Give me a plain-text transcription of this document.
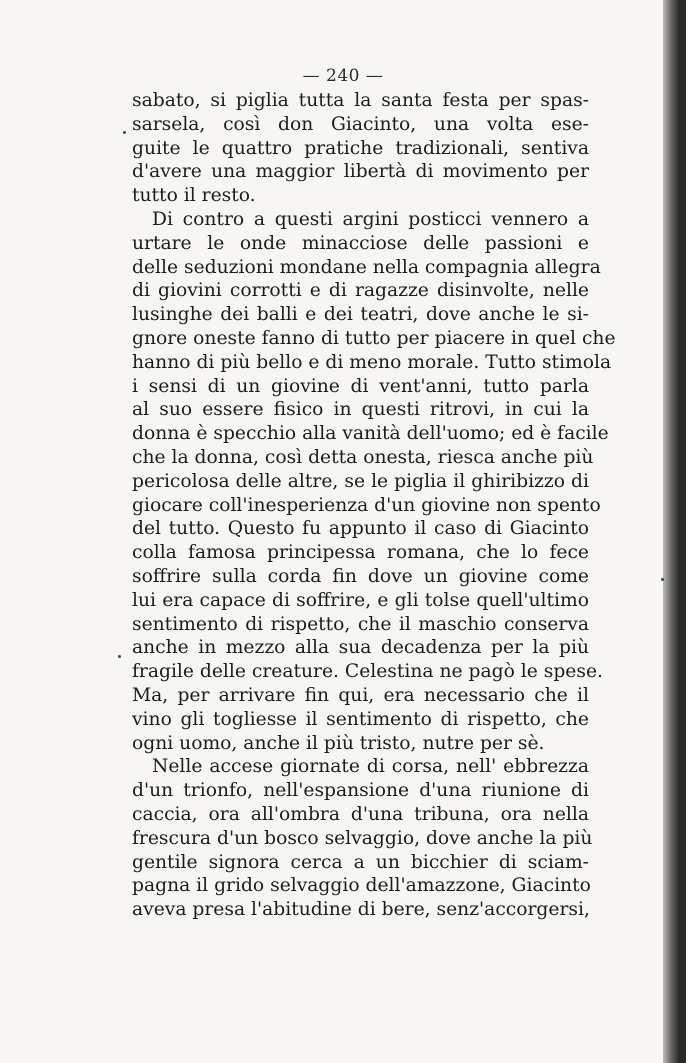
— 240 —
sabato, si piglia tutta la santa festa per spas-
sarsela, così don Giacinto, una volta ese-
guite le quattro pratiche tradizionali, sentiva
d'avere una maggior libertà di movimento per
tutto il resto.
Di contro a questi argini posticci vennero a
urtare le onde minacciose delle passioni e
delle seduzioni mondane nella compagnia allegra
di giovini corrotti e di ragazze disinvolte, nelle
lusinghe dei balli e dei teatri, dove anche le si-
gnore oneste fanno di tutto per piacere in quel che
hanno di più bello e di meno morale. Tutto stimola
i sensi di un giovine di vent'anni, tutto parla
al suo essere fisico in questi ritrovi, in cui la
donna è specchio alla vanità dell'uomo; ed è facile
che la donna, così detta onesta, riesca anche più
pericolosa delle altre, se le piglia il ghiribizzo di
giocare coll'inesperienza d'un giovine non spento
del tutto. Questo fu appunto il caso di Giacinto
colla famosa principessa romana, che lo fece
soffrire sulla corda fin dove un giovine come
lui era capace di soffrire, e gli tolse quell'ultimo
sentimento di rispetto, che il maschio conserva
anche in mezzo alla sua decadenza per la più
fragile delle creature. Celestina ne pagò le spese.
Ma, per arrivare fin qui, era necessario che il
vino gli togliesse il sentimento di rispetto, che
ogni uomo, anche il più tristo, nutre per sè.
Nelle accese giornate di corsa, nell' ebbrezza
d'un trionfo, nell'espansione d'una riunione di
caccia, ora all'ombra d'una tribuna, ora nella
frescura d'un bosco selvaggio, dove anche la più
gentile signora cerca a un bicchier di sciam-
pagna il grido selvaggio dell'amazzone, Giacinto
aveva presa l'abitudine di bere, senz'accorgersi,
